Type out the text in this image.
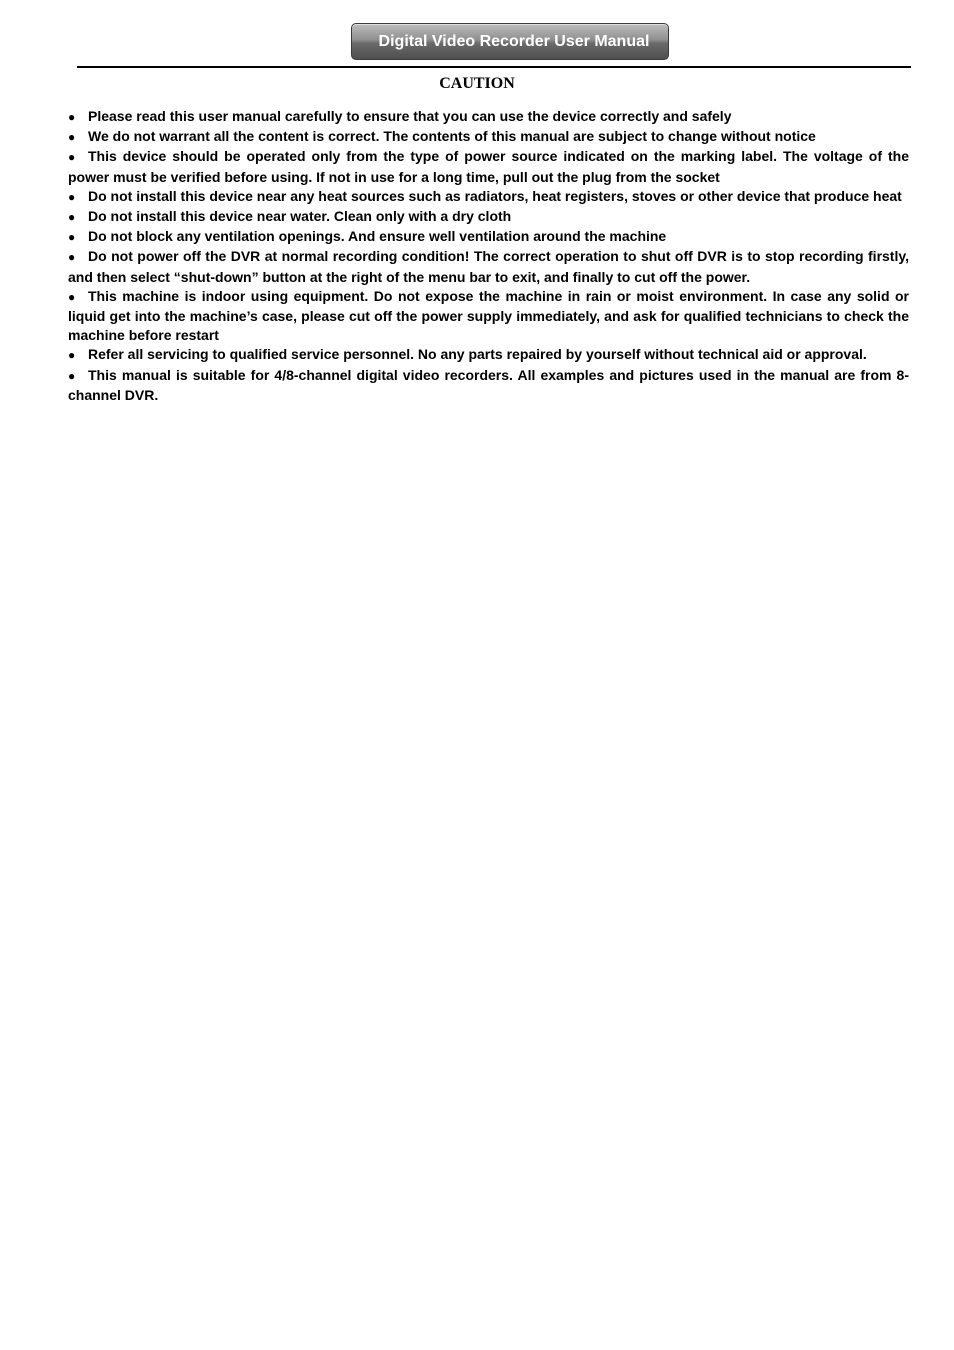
Digital Video Recorder User Manual
CAUTION
● Please read this user manual carefully to ensure that you can use the device correctly and safely
● We do not warrant all the content is correct. The contents of this manual are subject to change without notice
● This device should be operated only from the type of power source indicated on the marking label. The voltage of the power must be verified before using. If not in use for a long time, pull out the plug from the socket
● Do not install this device near any heat sources such as radiators, heat registers, stoves or other device that produce heat
● Do not install this device near water. Clean only with a dry cloth
● Do not block any ventilation openings. And ensure well ventilation around the machine
● Do not power off the DVR at normal recording condition! The correct operation to shut off DVR is to stop recording firstly, and then select “shut-down” button at the right of the menu bar to exit, and finally to cut off the power.
● This machine is indoor using equipment. Do not expose the machine in rain or moist environment. In case any solid or liquid get into the machine’s case, please cut off the power supply immediately, and ask for qualified technicians to check the machine before restart
● Refer all servicing to qualified service personnel. No any parts repaired by yourself without technical aid or approval.
● This manual is suitable for 4/8-channel digital video recorders. All examples and pictures used in the manual are from 8-channel DVR.
